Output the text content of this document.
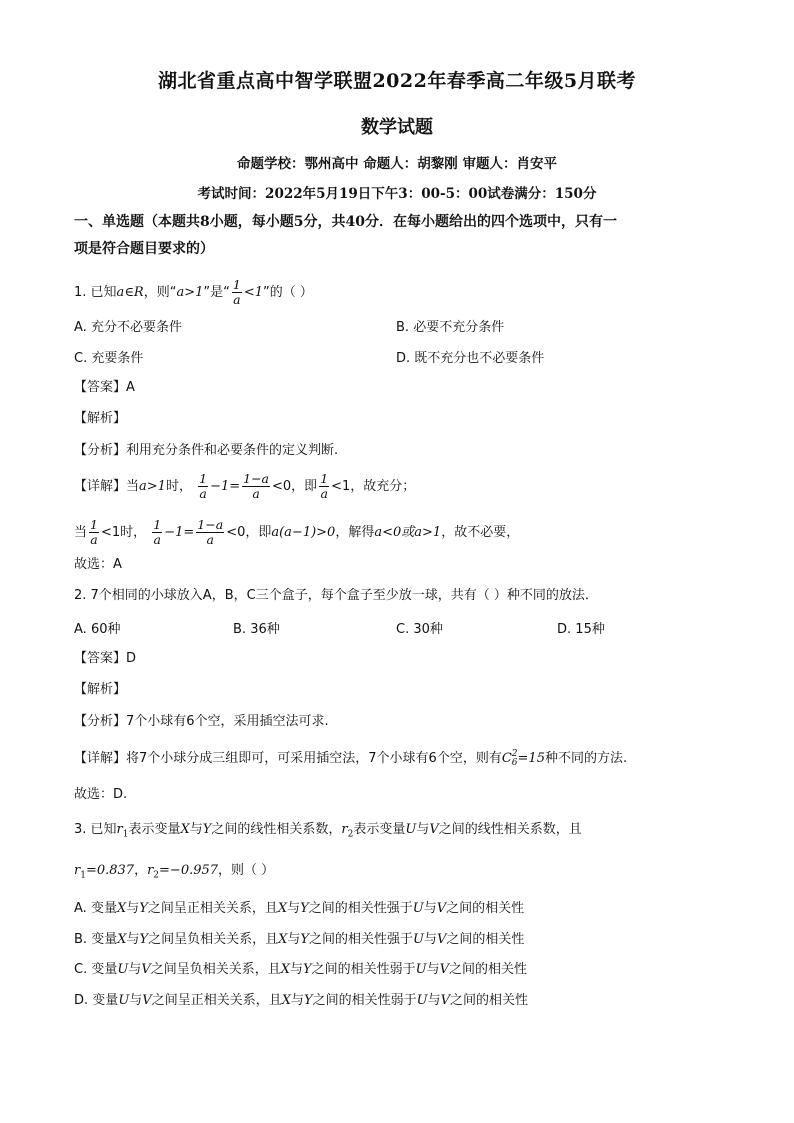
湖北省重点高中智学联盟2022年春季高二年级5月联考
数学试题
命题学校：鄂州高中 命题人：胡黎刚 审题人：肖安平
考试时间：2022年5月19日下午3：00-5：00试卷满分：150分
一、单选题（本题共8小题，每小题5分，共40分．在每小题给出的四个选项中，只有一
项是符合题目要求的）
1. 已知a∈R，则“a>1”是“ $\frac{1}{a} <1$”的（ ）
A. 充分不必要条件	B. 必要不充分条件
C. 充要条件	D. 既不充分也不必要条件
【答案】A
【解析】
【分析】利用充分条件和必要条件的定义判断.
【详解】当a>1时， $\frac{1}{a} -1= \frac{1-a}{a} <0$，即 $\frac{1}{a} <1$，故充分；
当 $\frac{1}{a} <1$时， $\frac{1}{a} -1= \frac{1-a}{a} <0$，即a(a−1)>0，解得a<0或a>1，故不必要，
故选：A
2. 7个相同的小球放入A，B，C三个盒子，每个盒子至少放一球，共有（ ）种不同的放法．
A. 60种	B. 36种	C. 30种	D. 15种
【答案】D
【解析】
【分析】7个小球有6个空，采用插空法可求.
【详解】将7个小球分成三组即可，可采用插空法，7个小球有6个空，则有C 2
6 =15种不同的方法.
故选：D.
3. 已知$r_1$表示变量X与Y之间的线性相关系数，$r_2$表示变量U与V之间的线性相关系数，且
$r_1=0.837$，$r_2=-0.957$，则（ ）
A. 变量X与Y之间呈正相关关系，且X与Y之间的相关性强于U与V之间的相关性
B. 变量X与Y之间呈负相关关系，且X与Y之间的相关性强于U与V之间的相关性
C. 变量U与V之间呈负相关关系，且X与Y之间的相关性弱于U与V之间的相关性
D. 变量U与V之间呈正相关关系，且X与Y之间的相关性弱于U与V之间的相关性
